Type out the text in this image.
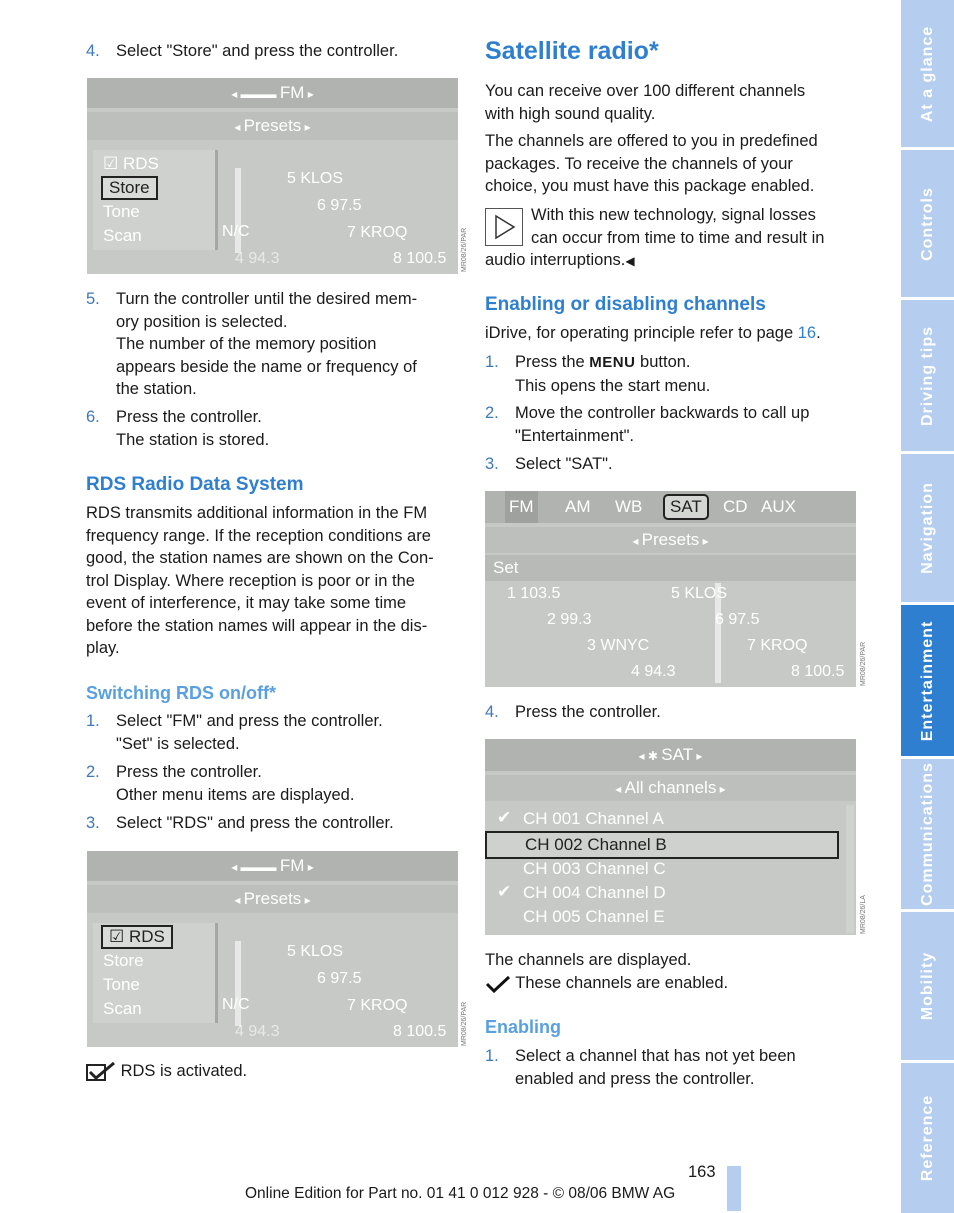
4. Select "Store" and press the controller.
◂ ▬▬▬ FM ▸
◂ Presets ▸
☑ RDS
Store
Tone
Scan	N/C
5 KLOS
6 97.5
7 KROQ
4 94.3	8 100.5 MR08/26/PAR
5. Turn the controller until the desired mem-
ory position is selected.
The number of the memory position
appears beside the name or frequency of
the station.
6. Press the controller.
The station is stored.
RDS Radio Data System
RDS transmits additional information in the FM
frequency range. If the reception conditions are
good, the station names are shown on the Con-
trol Display. Where reception is poor or in the
event of interference, it may take some time
before the station names will appear in the dis-
play.
Switching RDS on/off*
1. Select "FM" and press the controller.
"Set" is selected.
2. Press the controller.
Other menu items are displayed.
3. Select "RDS" and press the controller.
◂ ▬▬▬ FM ▸
◂ Presets ▸
☑ RDS
Store
Tone
Scan	N/C
5 KLOS
6 97.5
7 KROQ
4 94.3	8 100.5 MR08/26/PAR
RDS is activated.
Satellite radio*
You can receive over 100 different channels
with high sound quality.
The channels are offered to you in predefined
packages. To receive the channels of your
choice, you must have this package enabled.
With this new technology, signal losses
can occur from time to time and result in
audio interruptions.◀
Enabling or disabling channels
iDrive, for operating principle refer to page 16.
1. Press the MENU button.
This opens the start menu.
2. Move the controller backwards to call up
"Entertainment".
3. Select "SAT".
FM AM WB	SAT	CD AUX
◂ Presets ▸
Set
1 103.5	5 KLOS
2 99.3	6 97.5
3 WNYC	7 KROQ
4 94.3	8 100.5 MR08/26/PAR
4. Press the controller.
◂ ✱ SAT ▸
◂ All channels ▸
✔ CH 001 Channel A
CH 002 Channel B
CH 003 Channel C
✔ CH 004 Channel D
CH 005 Channel E	MR08/26/LA
The channels are displayed.
These channels are enabled.
Enabling
1. Select a channel that has not yet been
enabled and press the controller.
163
Online Edition for Part no. 01 41 0 012 928 - © 08/06 BMW AG
At a glance
Controls
Driving tips
Navigation
Entertainment
Communications
Mobility
Reference
